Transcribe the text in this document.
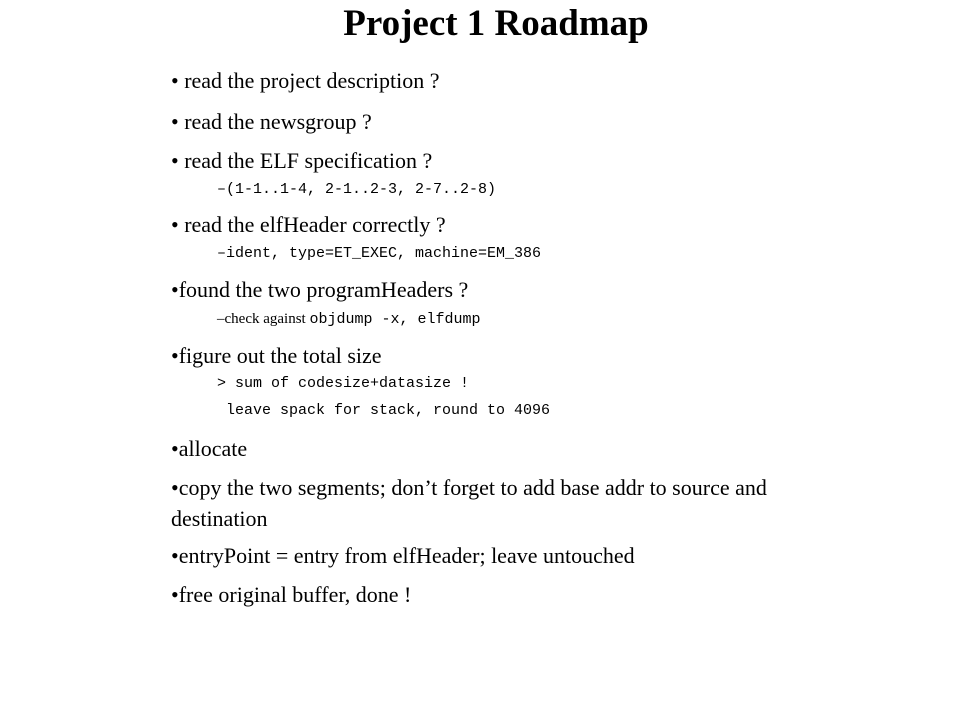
Project 1 Roadmap
• read the project description ?
• read the newsgroup ?
• read the ELF specification ?
–(1-1..1-4, 2-1..2-3, 2-7..2-8)
• read the elfHeader correctly ?
–ident, type=ET_EXEC, machine=EM_386
•found the two programHeaders ?
–check against objdump -x, elfdump
•figure out the total size
> sum of codesize+datasize !
leave spack for stack, round to 4096
•allocate
•copy the two segments; don’t forget to add base addr to source and
destination
•entryPoint = entry from elfHeader; leave untouched
•free original buffer, done !
